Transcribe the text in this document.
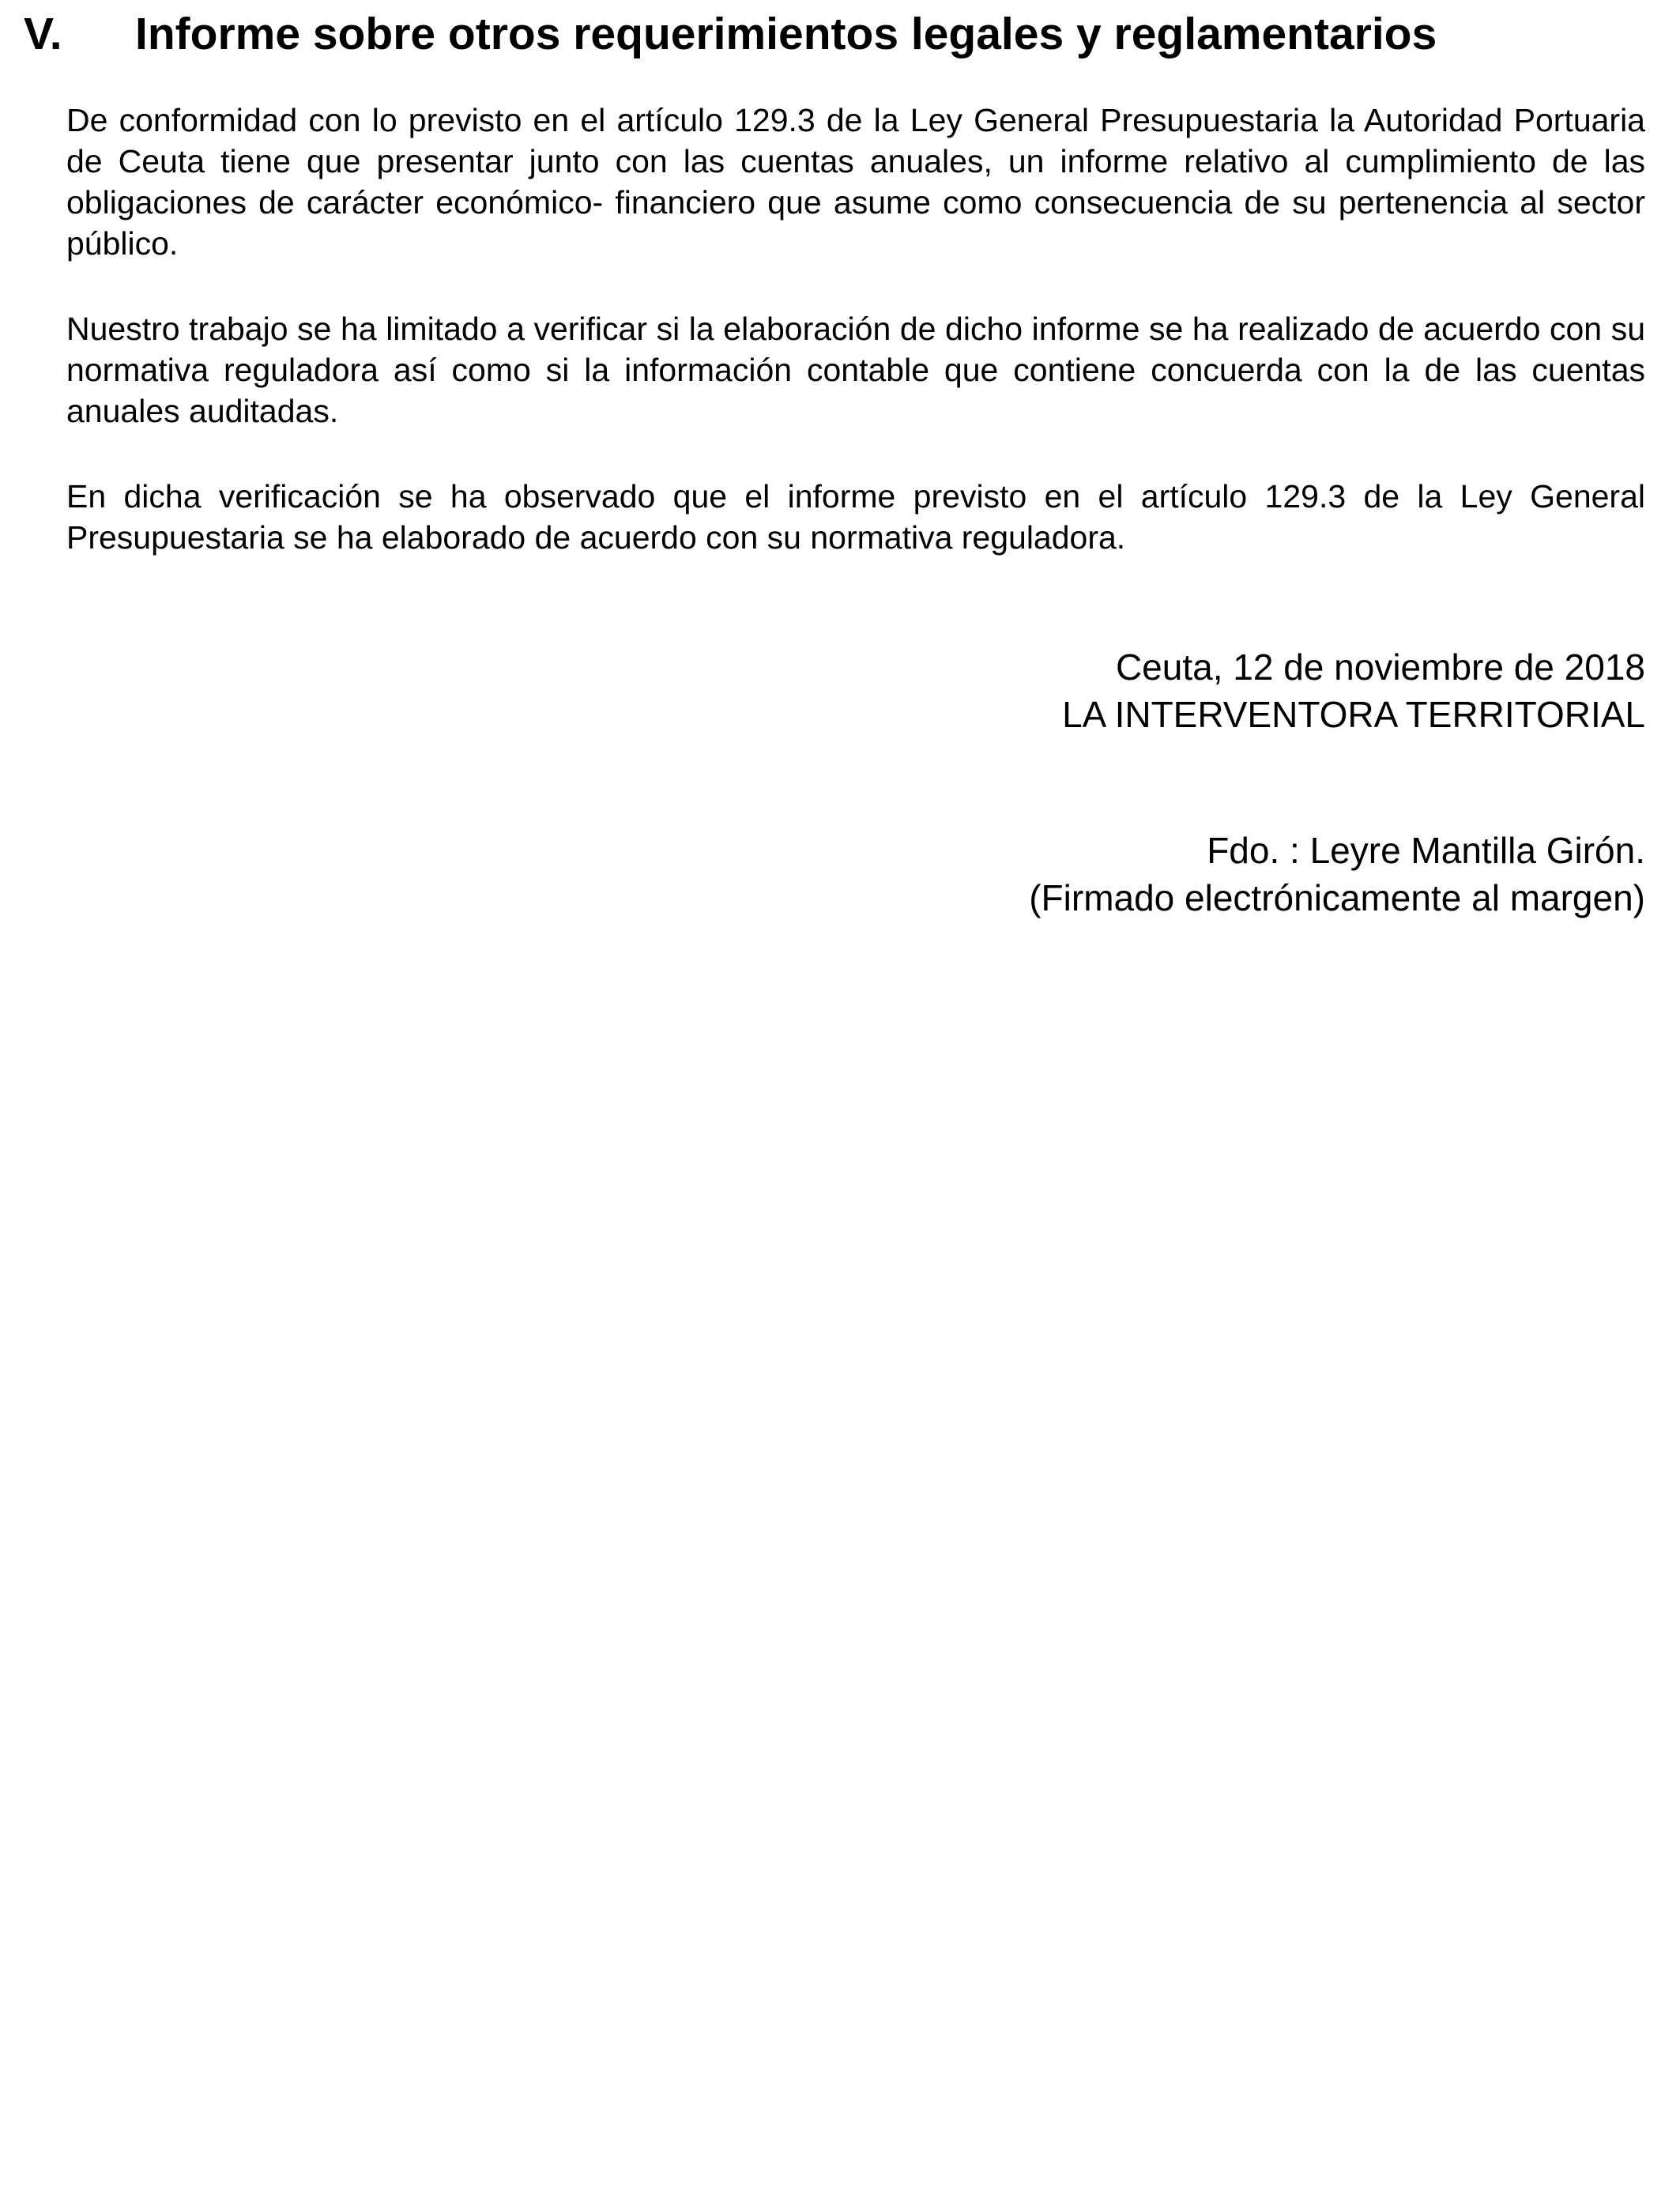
V. Informe sobre otros requerimientos legales y reglamentarios
De conformidad con lo previsto en el artículo 129.3 de la Ley General Presupuestaria la Autoridad Portuaria de Ceuta tiene que presentar junto con las cuentas anuales, un informe relativo al cumplimiento de las obligaciones de carácter económico- financiero que asume como consecuencia de su pertenencia al sector público.
Nuestro trabajo se ha limitado a verificar si la elaboración de dicho informe se ha realizado de acuerdo con su normativa reguladora así como si la información contable que contiene concuerda con la de las cuentas anuales auditadas.
En dicha verificación se ha observado que el informe previsto en el artículo 129.3 de la Ley General Presupuestaria se ha elaborado de acuerdo con su normativa reguladora.
Ceuta, 12 de noviembre de 2018
LA INTERVENTORA TERRITORIAL
Fdo. : Leyre Mantilla Girón.
(Firmado electrónicamente al margen)
